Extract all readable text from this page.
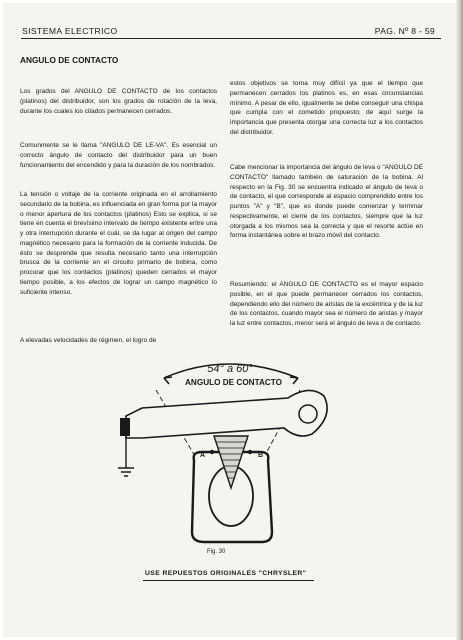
SISTEMA ELECTRICO	PAG. Nº 8 - 59
ANGULO DE CONTACTO

Los grados del ANGULO DE CONTACTO de los contactos (platinos) del distribuidor, son los grados de rotación de la leva, durante los cuales los citados permanecen cerrados.

Comunmente se le llama "ANGULO DE LE-VA". Es esencial un correcto ángulo de contacto del distribuidor para un buen funcionamiento del encendido y para la duración de los nombrados.

La tensión o voltaje de la corriente originada en el arrollamiento secundario de la bobina, es influenciada en gran forma por la mayor o menor apertura de los contactos (platinos) Esto se explica, si se tiene en cuenta el brevísimo intervalo de tiempo existente entre una y otra interrupción durante el cuál, se da lugar al origen del campo magnético necesario para la formación de la corriente inducida. De ésto se desprende que resulta necesario tanto una interrupción brusca de la corriente en el circuito primario de bobina, como procurar que los contactos (platinos) queden cerrados el mayor tiempo posible, a los efectos de lograr un campo magnético lo suficiente intenso.

A elevadas velocidades de régimen, el logro de

estos objetivos se torna muy difícil ya que el tiempo que permanecen cerrados los platinos es, en esas circunstancias mínimo. A pesar de ello, igualmente se debe conseguir una chispa que cumpla con el cometido propuesto; de aquí surge la importancia que presenta otorgar una correcta luz a los contactos del distribuidor.

Cabe mencionar la importancia del ángulo de leva o "ANGULO DE CONTACTO" llamado también de saturación de la bobina. Al respecto en la Fig. 30 se encuentra indicado el ángulo de leva o de contacto, el que corresponde al espacio comprendido entre los puntos "A" y "B", que es donde puede comenzar y terminar respectivamente, el cierre de los contactos, siempre que la luz otorgada a los mismos sea la correcta y que el resorte actúe en forma instantánea sobre el brazo móvil del contacto.

Resumiendo: el ANGULO DE CONTACTO es el mayor espacio posible, en el que puede permanecer cerrados los contactos, dependiendo ello del número de aristas de la excéntrica y de la luz de los contactos, cuando mayor sea el número de aristas y mayor la luz entre contactos, menor será el ángulo de leva o de contacto.

54° a 60°
ANGULO DE CONTACTO
A	B
Fig. 30
USE REPUESTOS ORIGINALES "CHRYSLER"
